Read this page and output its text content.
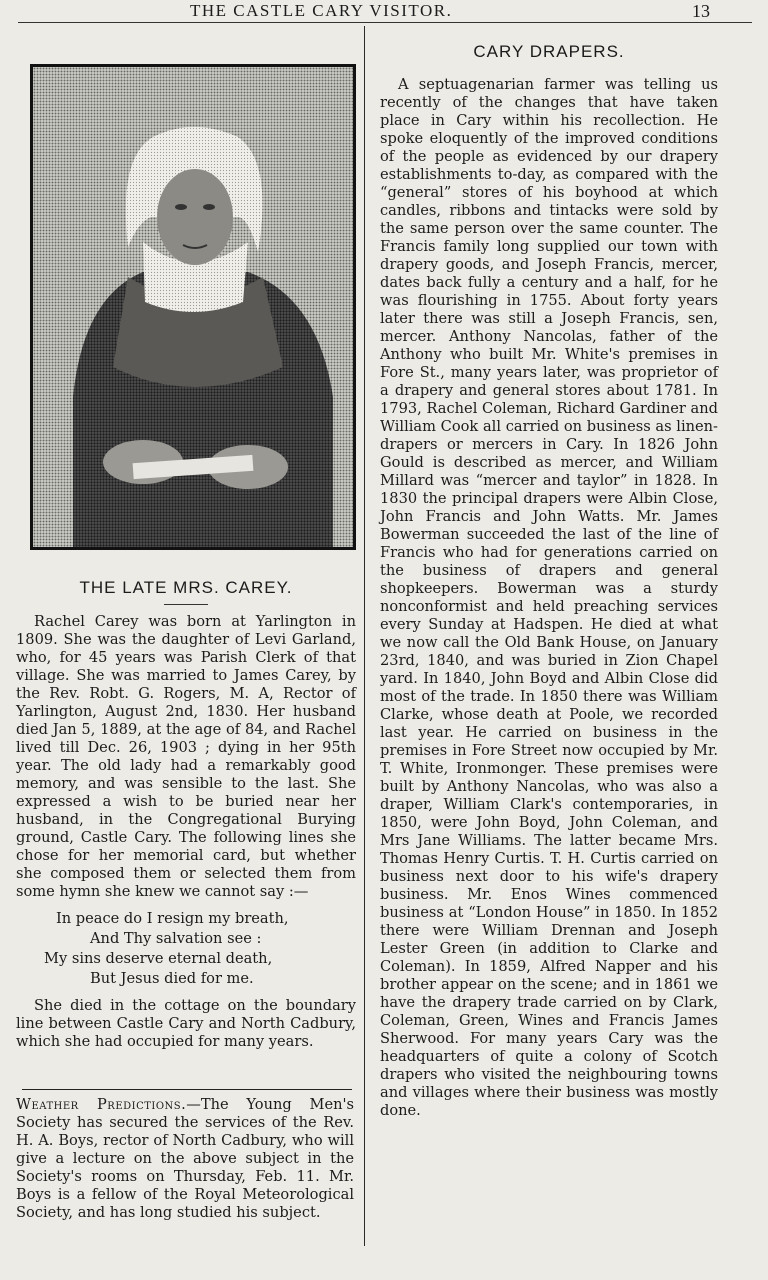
THE CASTLE CARY VISITOR.	13
THE LATE MRS. CAREY.

Rachel Carey was born at Yarlington in 1809. She was the daughter of Levi Garland, who, for 45 years was Parish Clerk of that village. She was married to James Carey, by the Rev. Robt. G. Rogers, M. A, Rector of Yarlington, August 2nd, 1830. Her husband died Jan 5, 1889, at the age of 84, and Rachel lived till Dec. 26, 1903 ; dying in her 95th year. The old lady had a remarkably good memory, and was sensible to the last. She expressed a wish to be buried near her husband, in the Congregational Burying ground, Castle Cary. The following lines she chose for her memorial card, but whether she composed them or selected them from some hymn she knew we cannot say :—

In peace do I resign my breath,
And Thy salvation see :
My sins deserve eternal death,
But Jesus died for me.

She died in the cottage on the boundary line between Castle Cary and North Cadbury, which she had occupied for many years.

Weather Predictions.—The Young Men's Society has secured the services of the Rev. H. A. Boys, rector of North Cadbury, who will give a lecture on the above subject in the Society's rooms on Thursday, Feb. 11. Mr. Boys is a fellow of the Royal Meteorological Society, and has long studied his subject.

CARY DRAPERS.

A septuagenarian farmer was telling us recently of the changes that have taken place in Cary within his recollection. He spoke eloquently of the improved conditions of the people as evidenced by our drapery establishments to-day, as compared with the “general” stores of his boyhood at which candles, ribbons and tintacks were sold by the same person over the same counter. The Francis family long supplied our town with drapery goods, and Joseph Francis, mercer, dates back fully a century and a half, for he was flourishing in 1755. About forty years later there was still a Joseph Francis, sen, mercer. Anthony Nancolas, father of the Anthony who built Mr. White's premises in Fore St., many years later, was proprietor of a drapery and general stores about 1781. In 1793, Rachel Coleman, Richard Gardiner and William Cook all carried on business as linen-drapers or mercers in Cary. In 1826 John Gould is described as mercer, and William Millard was “mercer and taylor” in 1828. In 1830 the principal drapers were Albin Close, John Francis and John Watts. Mr. James Bowerman succeeded the last of the line of Francis who had for generations carried on the business of drapers and general shopkeepers. Bowerman was a sturdy nonconformist and held preaching services every Sunday at Hadspen. He died at what we now call the Old Bank House, on January 23rd, 1840, and was buried in Zion Chapel yard. In 1840, John Boyd and Albin Close did most of the trade. In 1850 there was William Clarke, whose death at Poole, we recorded last year. He carried on business in the premises in Fore Street now occupied by Mr. T. White, Ironmonger. These premises were built by Anthony Nancolas, who was also a draper, William Clark's contemporaries, in 1850, were John Boyd, John Coleman, and Mrs Jane Williams. The latter became Mrs. Thomas Henry Curtis. T. H. Curtis carried on business next door to his wife's drapery business. Mr. Enos Wines commenced business at “London House” in 1850. In 1852 there were William Drennan and Joseph Lester Green (in addition to Clarke and Coleman). In 1859, Alfred Napper and his brother appear on the scene; and in 1861 we have the drapery trade carried on by Clark, Coleman, Green, Wines and Francis James Sherwood. For many years Cary was the headquarters of quite a colony of Scotch drapers who visited the neighbouring towns and villages where their business was mostly done.
